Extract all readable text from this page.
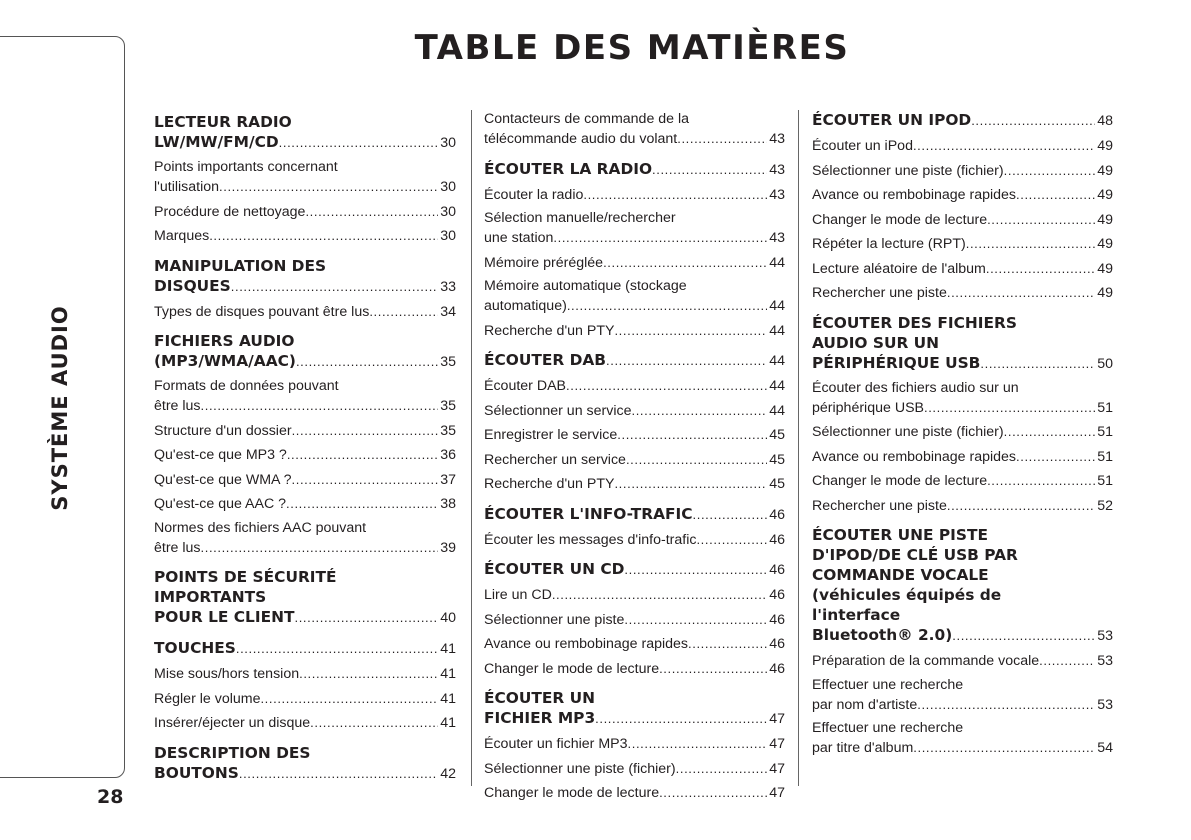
SYSTÈME AUDIO
28
TABLE DES MATIÈRES
LECTEUR RADIO
LW/MW/FM/CD .....	30
Points importants concernant
l'utilisation .....	30
Procédure de nettoyage .....	30
Marques .....	30
MANIPULATION DES
DISQUES .....	33
Types de disques pouvant être lus .....	34
FICHIERS AUDIO
(MP3/WMA/AAC) .....	35
Formats de données pouvant
être lus .....	35
Structure d'un dossier .....	35
Qu'est-ce que MP3 ? .....	36
Qu'est-ce que WMA ? .....	37
Qu'est-ce que AAC ? .....	38
Normes des fichiers AAC pouvant
être lus .....	39
POINTS DE SÉCURITÉ
IMPORTANTS
POUR LE CLIENT .....	40
TOUCHES .....	41
Mise sous/hors tension .....	41
Régler le volume .....	41
Insérer/éjecter un disque .....	41
DESCRIPTION DES
BOUTONS .....	42
Contacteurs de commande de la
télécommande audio du volant .....	43
ÉCOUTER LA RADIO .....	43
Écouter la radio .....	43
Sélection manuelle/rechercher
une station .....	43
Mémoire préréglée .....	44
Mémoire automatique (stockage
automatique) .....	44
Recherche d'un PTY .....	44
ÉCOUTER DAB .....	44
Écouter DAB .....	44
Sélectionner un service .....	44
Enregistrer le service .....	45
Rechercher un service .....	45
Recherche d'un PTY .....	45
ÉCOUTER L'INFO-TRAFIC .....	46
Écouter les messages d'info-trafic .....	46
ÉCOUTER UN CD .....	46
Lire un CD .....	46
Sélectionner une piste .....	46
Avance ou rembobinage rapides .....	46
Changer le mode de lecture .....	46
ÉCOUTER UN
FICHIER MP3 .....	47
Écouter un fichier MP3 .....	47
Sélectionner une piste (fichier) .....	47
Changer le mode de lecture .....	47
ÉCOUTER UN IPOD .....	48
Écouter un iPod .....	49
Sélectionner une piste (fichier) .....	49
Avance ou rembobinage rapides .....	49
Changer le mode de lecture .....	49
Répéter la lecture (RPT) .....	49
Lecture aléatoire de l'album .....	49
Rechercher une piste .....	49
ÉCOUTER DES FICHIERS
AUDIO SUR UN
PÉRIPHÉRIQUE USB .....	50
Écouter des fichiers audio sur un
périphérique USB .....	51
Sélectionner une piste (fichier) .....	51
Avance ou rembobinage rapides .....	51
Changer le mode de lecture .....	51
Rechercher une piste .....	52
ÉCOUTER UNE PISTE
D'IPOD/DE CLÉ USB PAR
COMMANDE VOCALE
(véhicules équipés de
l'interface
Bluetooth® 2.0) .....	53
Préparation de la commande vocale .....	53
Effectuer une recherche
par nom d'artiste .....	53
Effectuer une recherche
par titre d'album .....	54
